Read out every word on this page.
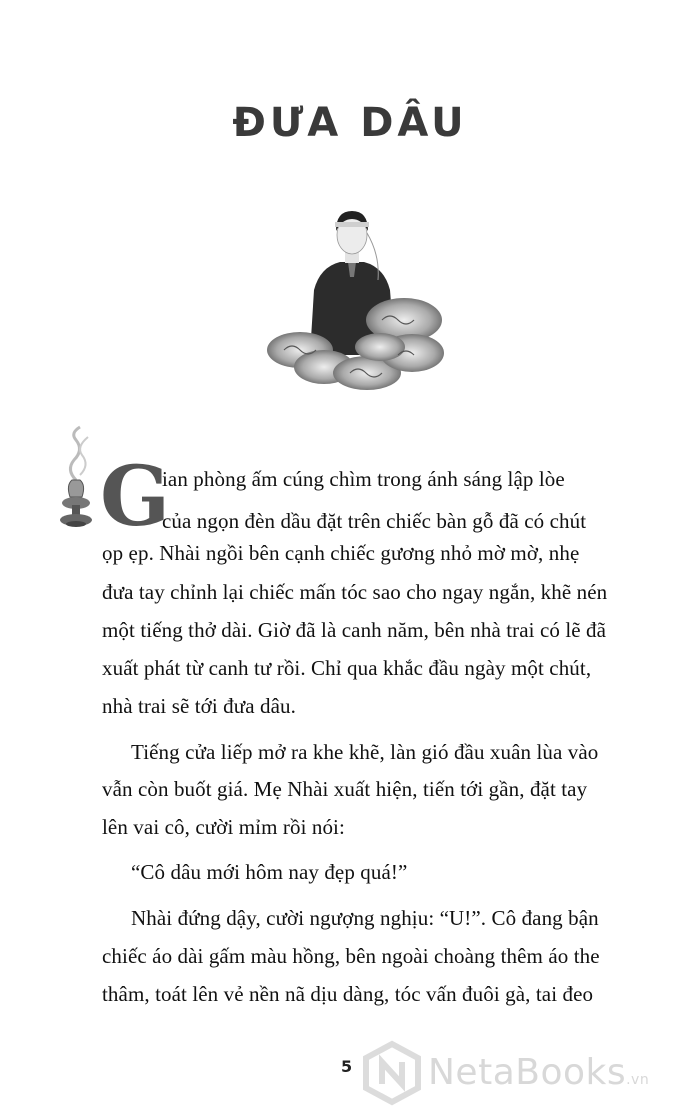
ĐƯA DÂU
G
ian phòng ấm cúng chìm trong ánh sáng lập lòe
của ngọn đèn dầu đặt trên chiếc bàn gỗ đã có chút
ọp ẹp. Nhài ngồi bên cạnh chiếc gương nhỏ mờ mờ, nhẹ
đưa tay chỉnh lại chiếc mấn tóc sao cho ngay ngắn, khẽ nén
một tiếng thở dài. Giờ đã là canh năm, bên nhà trai có lẽ đã
xuất phát từ canh tư rồi. Chỉ qua khắc đầu ngày một chút,
nhà trai sẽ tới đưa dâu.
Tiếng cửa liếp mở ra khe khẽ, làn gió đầu xuân lùa vào
vẫn còn buốt giá. Mẹ Nhài xuất hiện, tiến tới gần, đặt tay
lên vai cô, cười mỉm rồi nói:
“Cô dâu mới hôm nay đẹp quá!”
Nhài đứng dậy, cười ngượng nghịu: “U!”. Cô đang bận
chiếc áo dài gấm màu hồng, bên ngoài choàng thêm áo the
thâm, toát lên vẻ nền nã dịu dàng, tóc vấn đuôi gà, tai đeo
5 NetaBooks.vn
